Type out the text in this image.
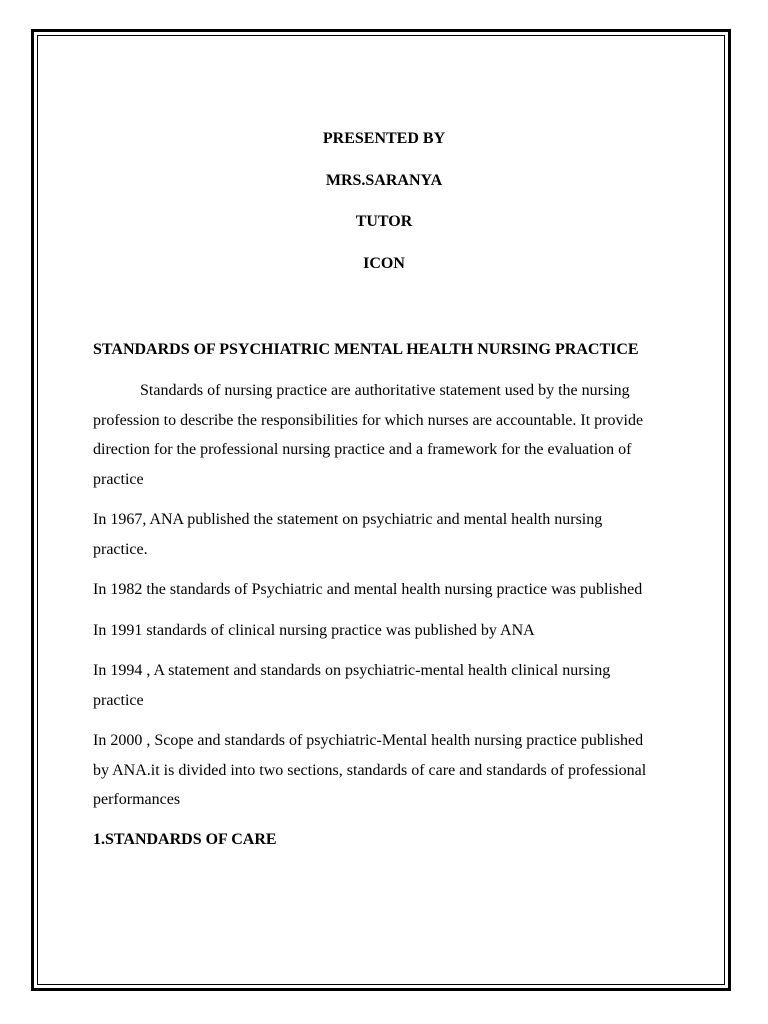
PRESENTED BY
MRS.SARANYA
TUTOR
ICON

STANDARDS OF PSYCHIATRIC MENTAL HEALTH NURSING PRACTICE

Standards of nursing practice are authoritative statement used by the nursing profession to describe the responsibilities for which nurses are accountable. It provide direction for the professional nursing practice and a framework for the evaluation of practice

In 1967, ANA published the statement on psychiatric and mental health nursing practice.

In 1982 the standards of Psychiatric and mental health nursing practice was published

In 1991 standards of clinical nursing practice was published by ANA

In 1994 , A statement and standards on psychiatric-mental health clinical nursing practice

In 2000 , Scope and standards of psychiatric-Mental health nursing practice published by ANA.it is divided into two sections, standards of care and standards of professional performances

1.STANDARDS OF CARE
